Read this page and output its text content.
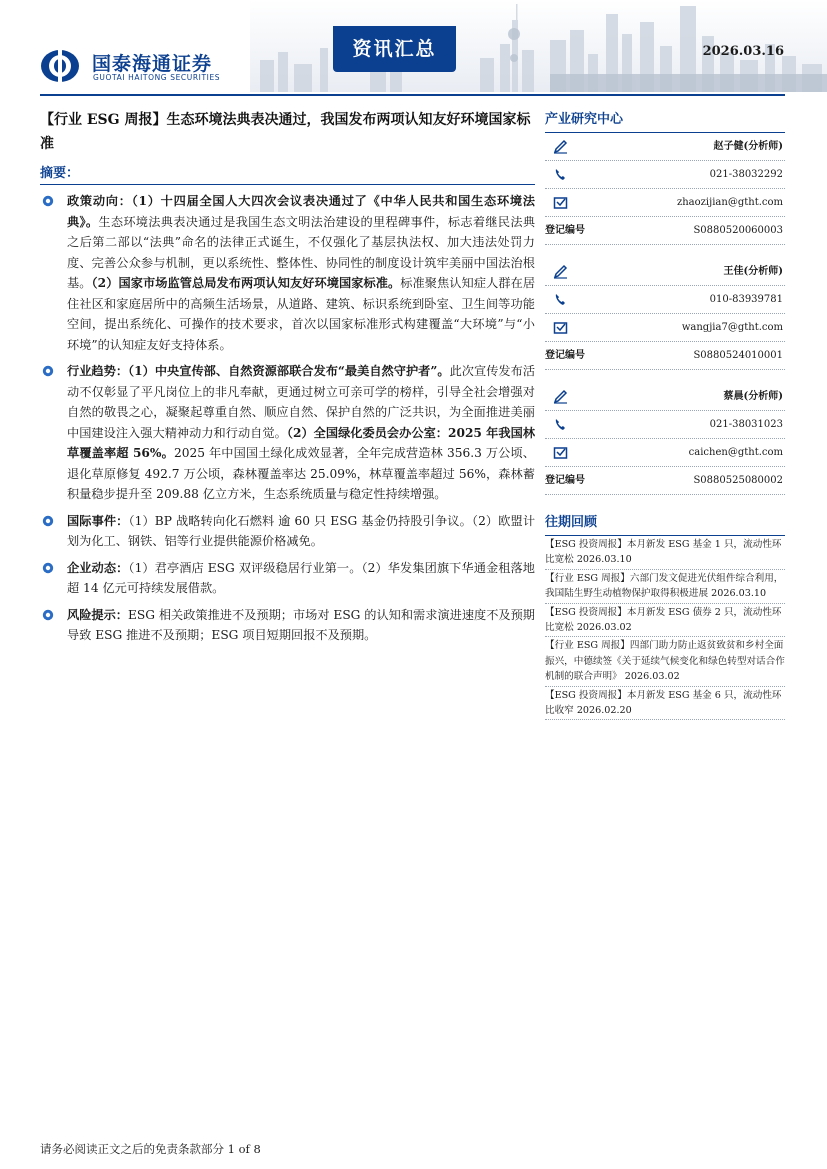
国泰海通证券
GUOTAI HAITONG SECURITIES
资讯汇总	2026.03.16

【行业 ESG 周报】生态环境法典表决通过，我国发布两项认知友好环境国家标准

摘要：
政策动向：（1）十四届全国人大四次会议表决通过了《中华人民共和国生态环境法典》。生态环境法典表决通过是我国生态文明法治建设的里程碑事件，标志着继民法典之后第二部以“法典”命名的法律正式诞生，不仅强化了基层执法权、加大违法处罚力度、完善公众参与机制，更以系统性、整体性、协同性的制度设计筑牢美丽中国法治根基。（2）国家市场监管总局发布两项认知友好环境国家标准。标准聚焦认知症人群在居住社区和家庭居所中的高频生活场景，从道路、建筑、标识系统到卧室、卫生间等功能空间，提出系统化、可操作的技术要求，首次以国家标准形式构建覆盖“大环境”与“小环境”的认知症友好支持体系。
行业趋势：（1）中央宣传部、自然资源部联合发布“最美自然守护者”。此次宣传发布活动不仅彰显了平凡岗位上的非凡奉献，更通过树立可亲可学的榜样，引导全社会增强对自然的敬畏之心，凝聚起尊重自然、顺应自然、保护自然的广泛共识，为全面推进美丽中国建设注入强大精神动力和行动自觉。（2）全国绿化委员会办公室：2025 年我国林草覆盖率超 56%。2025 年中国国土绿化成效显著，全年完成营造林 356.3 万公顷、退化草原修复 492.7 万公顷，森林覆盖率达 25.09%，林草覆盖率超过 56%，森林蓄积量稳步提升至 209.88 亿立方米，生态系统质量与稳定性持续增强。
国际事件：（1）BP 战略转向化石燃料 逾 60 只 ESG 基金仍持股引争议。（2）欧盟计划为化工、钢铁、铝等行业提供能源价格减免。
企业动态：（1）君亭酒店 ESG 双评级稳居行业第一。（2）华发集团旗下华通金租落地超 14 亿元可持续发展借款。
风险提示：ESG 相关政策推进不及预期；市场对 ESG 的认知和需求演进速度不及预期导致 ESG 推进不及预期；ESG 项目短期回报不及预期。
产业研究中心
赵子健(分析师)
021-38032292
zhaozijian@gtht.com
登记编号	S0880520060003
王佳(分析师)
010-83939781
wangjia7@gtht.com
登记编号	S0880524010001
蔡晨(分析师)
021-38031023
caichen@gtht.com
登记编号	S0880525080002
往期回顾
【ESG 投资周报】本月新发 ESG 基金 1 只，流动性环比宽松 2026.03.10
【行业 ESG 周报】六部门发文促进光伏组件综合利用，我国陆生野生动植物保护取得积极进展 2026.03.10
【ESG 投资周报】本月新发 ESG 债券 2 只，流动性环比宽松 2026.03.02
【行业 ESG 周报】四部门助力防止返贫致贫和乡村全面振兴，中德续签《关于延续气候变化和绿色转型对话合作机制的联合声明》 2026.03.02
【ESG 投资周报】本月新发 ESG 基金 6 只，流动性环比收窄 2026.02.20
请务必阅读正文之后的免责条款部分 1 of 8
